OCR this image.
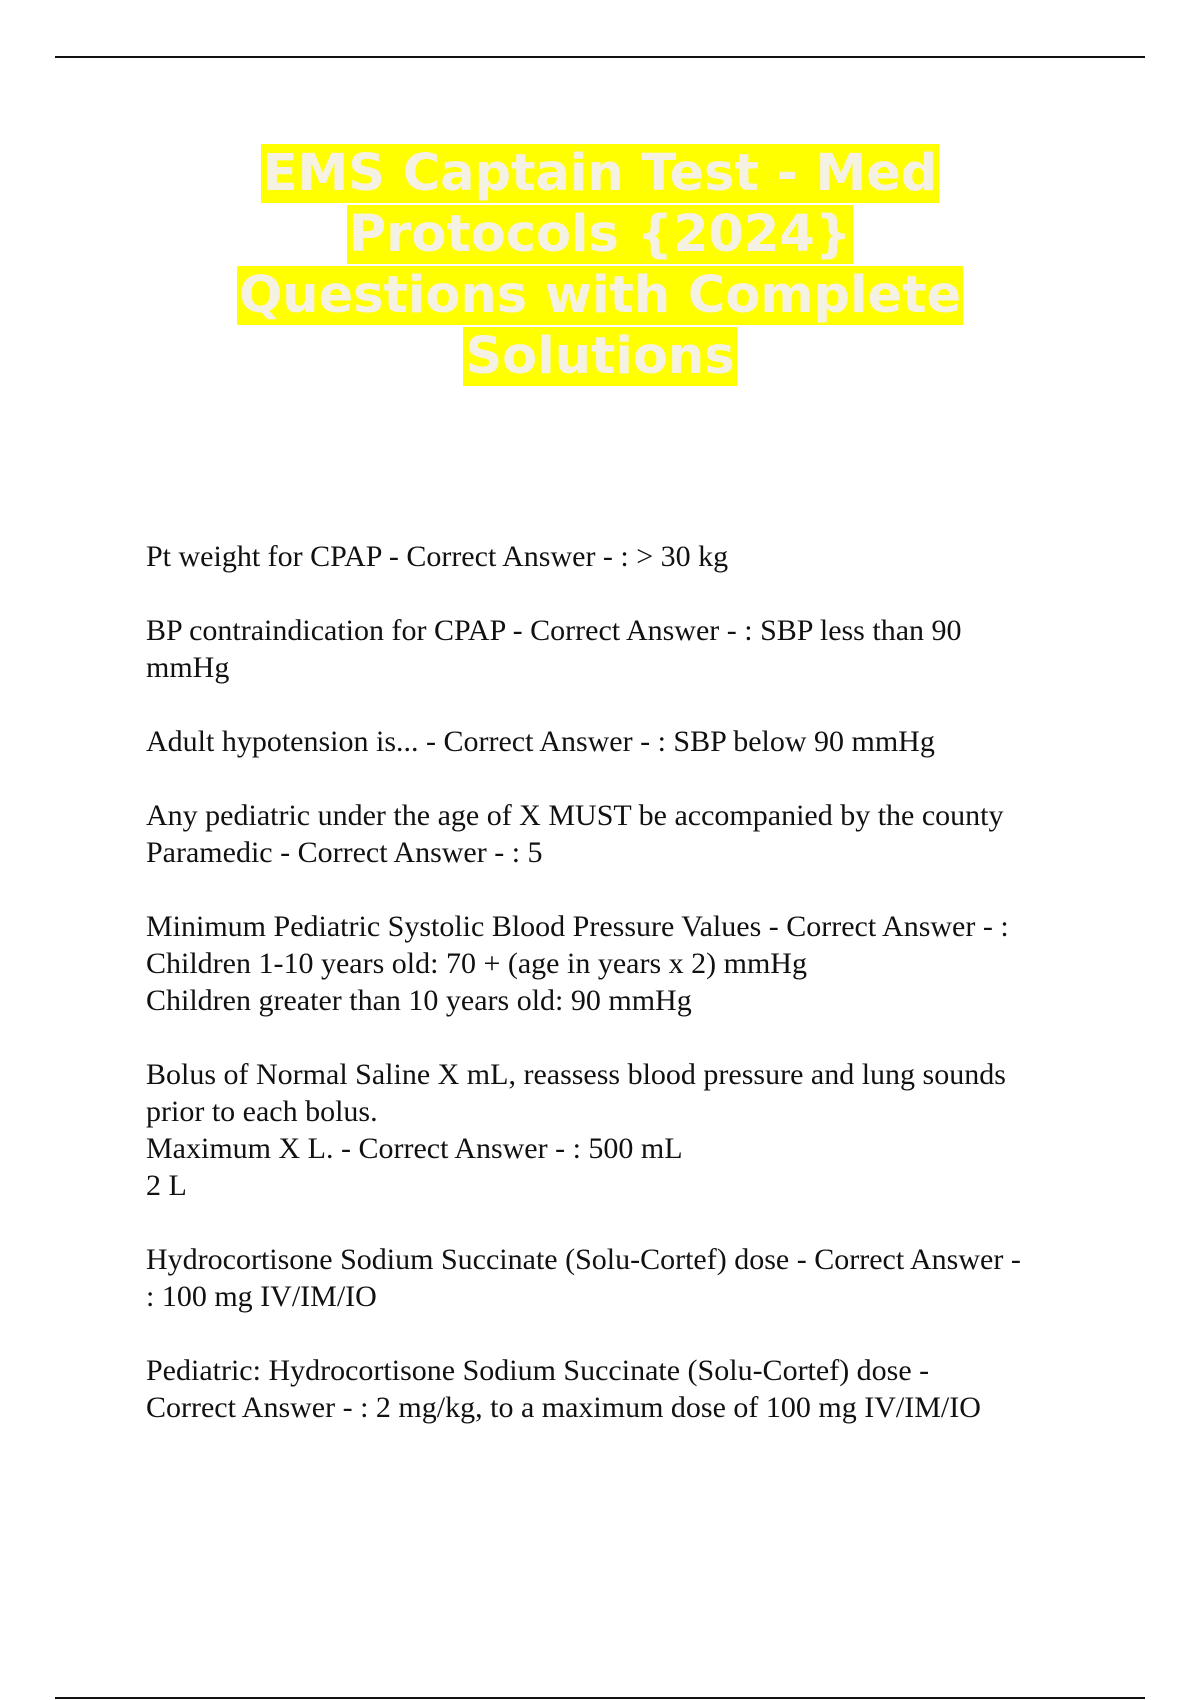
EMS Captain Test - Med
Protocols {2024}
Questions with Complete
Solutions
Pt weight for CPAP - Correct Answer - : > 30 kg
BP contraindication for CPAP - Correct Answer - : SBP less than 90
mmHg
Adult hypotension is... - Correct Answer - : SBP below 90 mmHg
Any pediatric under the age of X MUST be accompanied by the county
Paramedic - Correct Answer - : 5
Minimum Pediatric Systolic Blood Pressure Values - Correct Answer - :
Children 1-10 years old: 70 + (age in years x 2) mmHg
Children greater than 10 years old: 90 mmHg
Bolus of Normal Saline X mL, reassess blood pressure and lung sounds
prior to each bolus.
Maximum X L. - Correct Answer - : 500 mL
2 L
Hydrocortisone Sodium Succinate (Solu-Cortef) dose - Correct Answer -
: 100 mg IV/IM/IO
Pediatric: Hydrocortisone Sodium Succinate (Solu-Cortef) dose -
Correct Answer - : 2 mg/kg, to a maximum dose of 100 mg IV/IM/IO
